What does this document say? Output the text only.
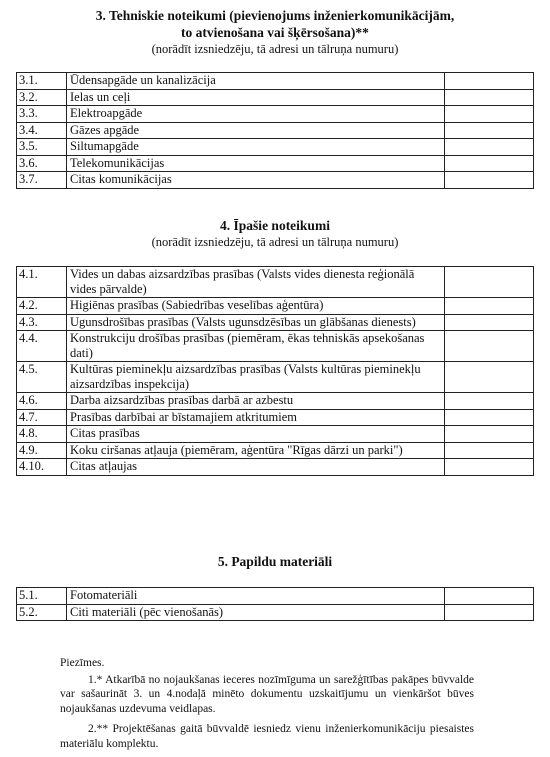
3. Tehniskie noteikumi (pievienojums inženierkomunikācijām,
to atvienošana vai šķērsošana)**
(norādīt izsniedzēju, tā adresi un tālruņa numuru)
3.1.	Ūdensapgāde un kanalizācija	
3.2.	Ielas un ceļi	
3.3.	Elektroapgāde	
3.4.	Gāzes apgāde	
3.5.	Siltumapgāde	
3.6.	Telekomunikācijas	
3.7.	Citas komunikācijas	
4. Īpašie noteikumi
(norādīt izsniedzēju, tā adresi un tālruņa numuru)
4.1.	Vides un dabas aizsardzības prasības (Valsts vides dienesta reģionālā vides pārvalde)	
4.2.	Higiēnas prasības (Sabiedrības veselības aģentūra)	
4.3.	Ugunsdrošības prasības (Valsts ugunsdzēsības un glābšanas dienests)	
4.4.	Konstrukciju drošības prasības (piemēram, ēkas tehniskās apsekošanas dati)	
4.5.	Kultūras pieminekļu aizsardzības prasības (Valsts kultūras pieminekļu aizsardzības inspekcija)	
4.6.	Darba aizsardzības prasības darbā ar azbestu	
4.7.	Prasības darbībai ar bīstamajiem atkritumiem	
4.8.	Citas prasības	
4.9.	Koku ciršanas atļauja (piemēram, aģentūra "Rīgas dārzi un parki")	
4.10.	Citas atļaujas	
5. Papildu materiāli
5.1.	Fotomateriāli	
5.2.	Citi materiāli (pēc vienošanās)	

Piezīmes.

1.* Atkarībā no nojaukšanas ieceres nozīmīguma un sarežģītības pakāpes būvvalde var sašaurināt 3. un 4.nodaļā minēto dokumentu uzskaitījumu un vienkāršot būves nojaukšanas uzdevuma veidlapas.

2.** Projektēšanas gaitā būvvaldē iesniedz vienu inženierkomunikāciju piesaistes materiālu komplektu.
